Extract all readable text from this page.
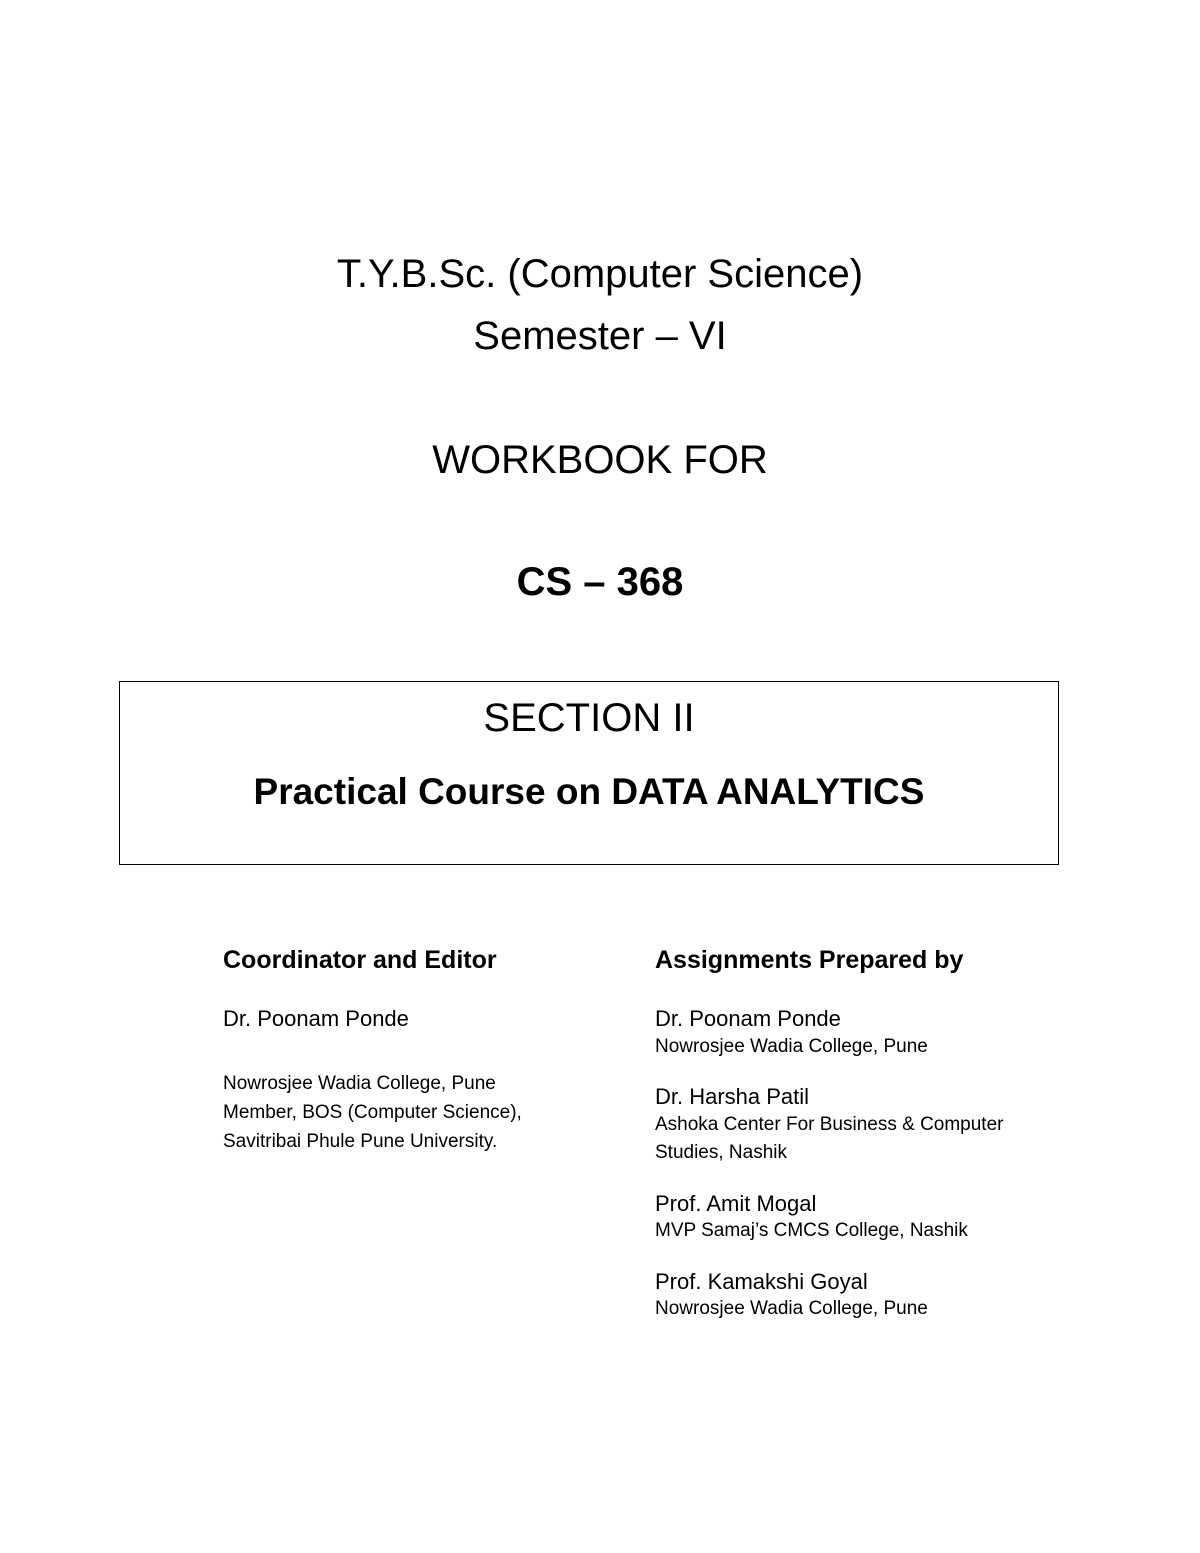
T.Y.B.Sc. (Computer Science)

Semester – VI

WORKBOOK FOR

CS – 368

SECTION II

Practical Course on DATA ANALYTICS

Coordinator and Editor

Dr. Poonam Ponde

Nowrosjee Wadia College, Pune

Member, BOS (Computer Science),

Savitribai Phule Pune University.

Assignments Prepared by

Dr. Poonam Ponde

Nowrosjee Wadia College, Pune

Dr. Harsha Patil

Ashoka Center For Business & Computer Studies, Nashik

Prof. Amit Mogal

MVP Samaj’s CMCS College, Nashik

Prof. Kamakshi Goyal

Nowrosjee Wadia College, Pune
